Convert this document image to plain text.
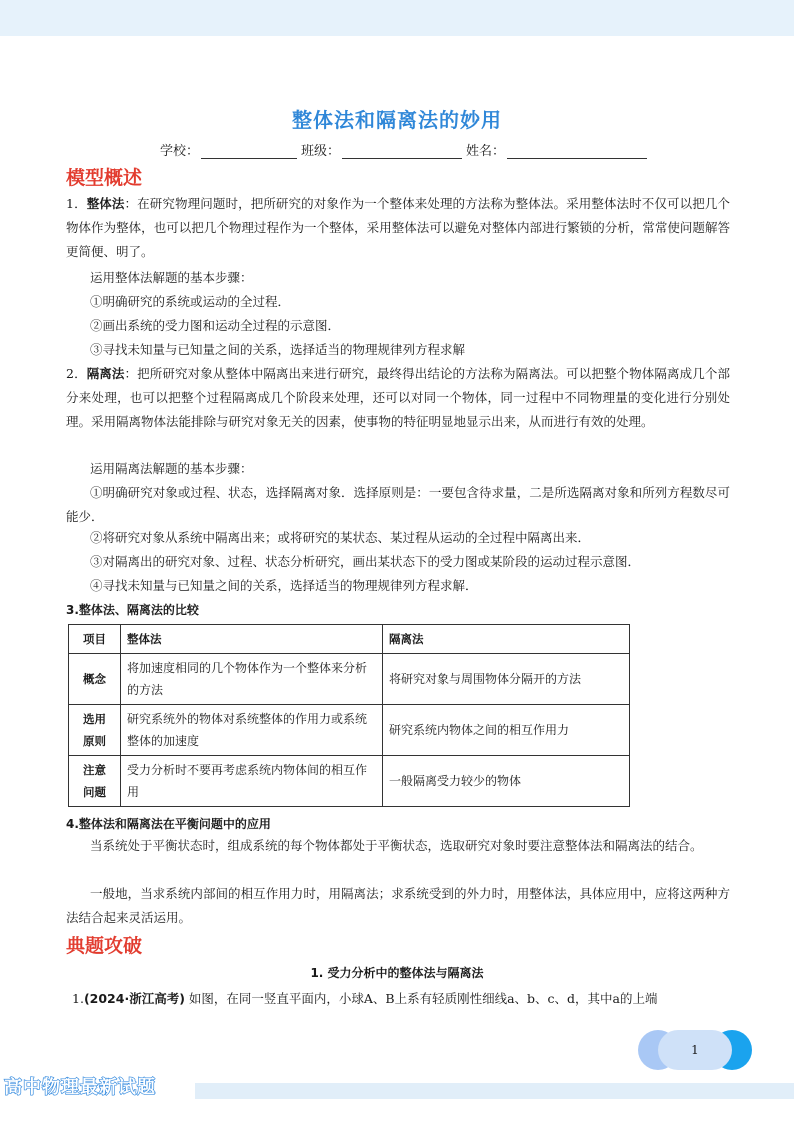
整体法和隔离法的妙用
学校：	班级：	姓名：
模型概述
1．整体法：在研究物理问题时，把所研究的对象作为一个整体来处理的方法称为整体法。采用整体法时不仅可以把几个物体作为整体，也可以把几个物理过程作为一个整体，采用整体法可以避免对整体内部进行繁锁的分析，常常使问题解答更简便、明了。
运用整体法解题的基本步骤：
①明确研究的系统或运动的全过程．
②画出系统的受力图和运动全过程的示意图．
③寻找未知量与已知量之间的关系，选择适当的物理规律列方程求解
2．隔离法：把所研究对象从整体中隔离出来进行研究，最终得出结论的方法称为隔离法。可以把整个物体隔离成几个部分来处理，也可以把整个过程隔离成几个阶段来处理，还可以对同一个物体，同一过程中不同物理量的变化进行分别处理。采用隔离物体法能排除与研究对象无关的因素，使事物的特征明显地显示出来，从而进行有效的处理。
运用隔离法解题的基本步骤：
①明确研究对象或过程、状态，选择隔离对象．选择原则是：一要包含待求量，二是所选隔离对象和所列方程数尽可能少．
②将研究对象从系统中隔离出来；或将研究的某状态、某过程从运动的全过程中隔离出来．
③对隔离出的研究对象、过程、状态分析研究，画出某状态下的受力图或某阶段的运动过程示意图．
④寻找未知量与已知量之间的关系，选择适当的物理规律列方程求解．
3.整体法、隔离法的比较
项目	整体法	隔离法
概念	将加速度相同的几个物体作为一个整体来分析的方法	将研究对象与周围物体分隔开的方法
选用原则	研究系统外的物体对系统整体的作用力或系统整体的加速度	研究系统内物体之间的相互作用力
注意问题	受力分析时不要再考虑系统内物体间的相互作用	一般隔离受力较少的物体
4.整体法和隔离法在平衡问题中的应用
当系统处于平衡状态时，组成系统的每个物体都处于平衡状态，选取研究对象时要注意整体法和隔离法的结合。
一般地，当求系统内部间的相互作用力时，用隔离法；求系统受到的外力时，用整体法，具体应用中，应将这两种方法结合起来灵活运用。
典题攻破
1. 受力分析中的整体法与隔离法
1.(2024·浙江高考) 如图，在同一竖直平面内，小球A、B上系有轻质刚性细线a、b、c、d，其中a的上端
1
高中物理最新试题
